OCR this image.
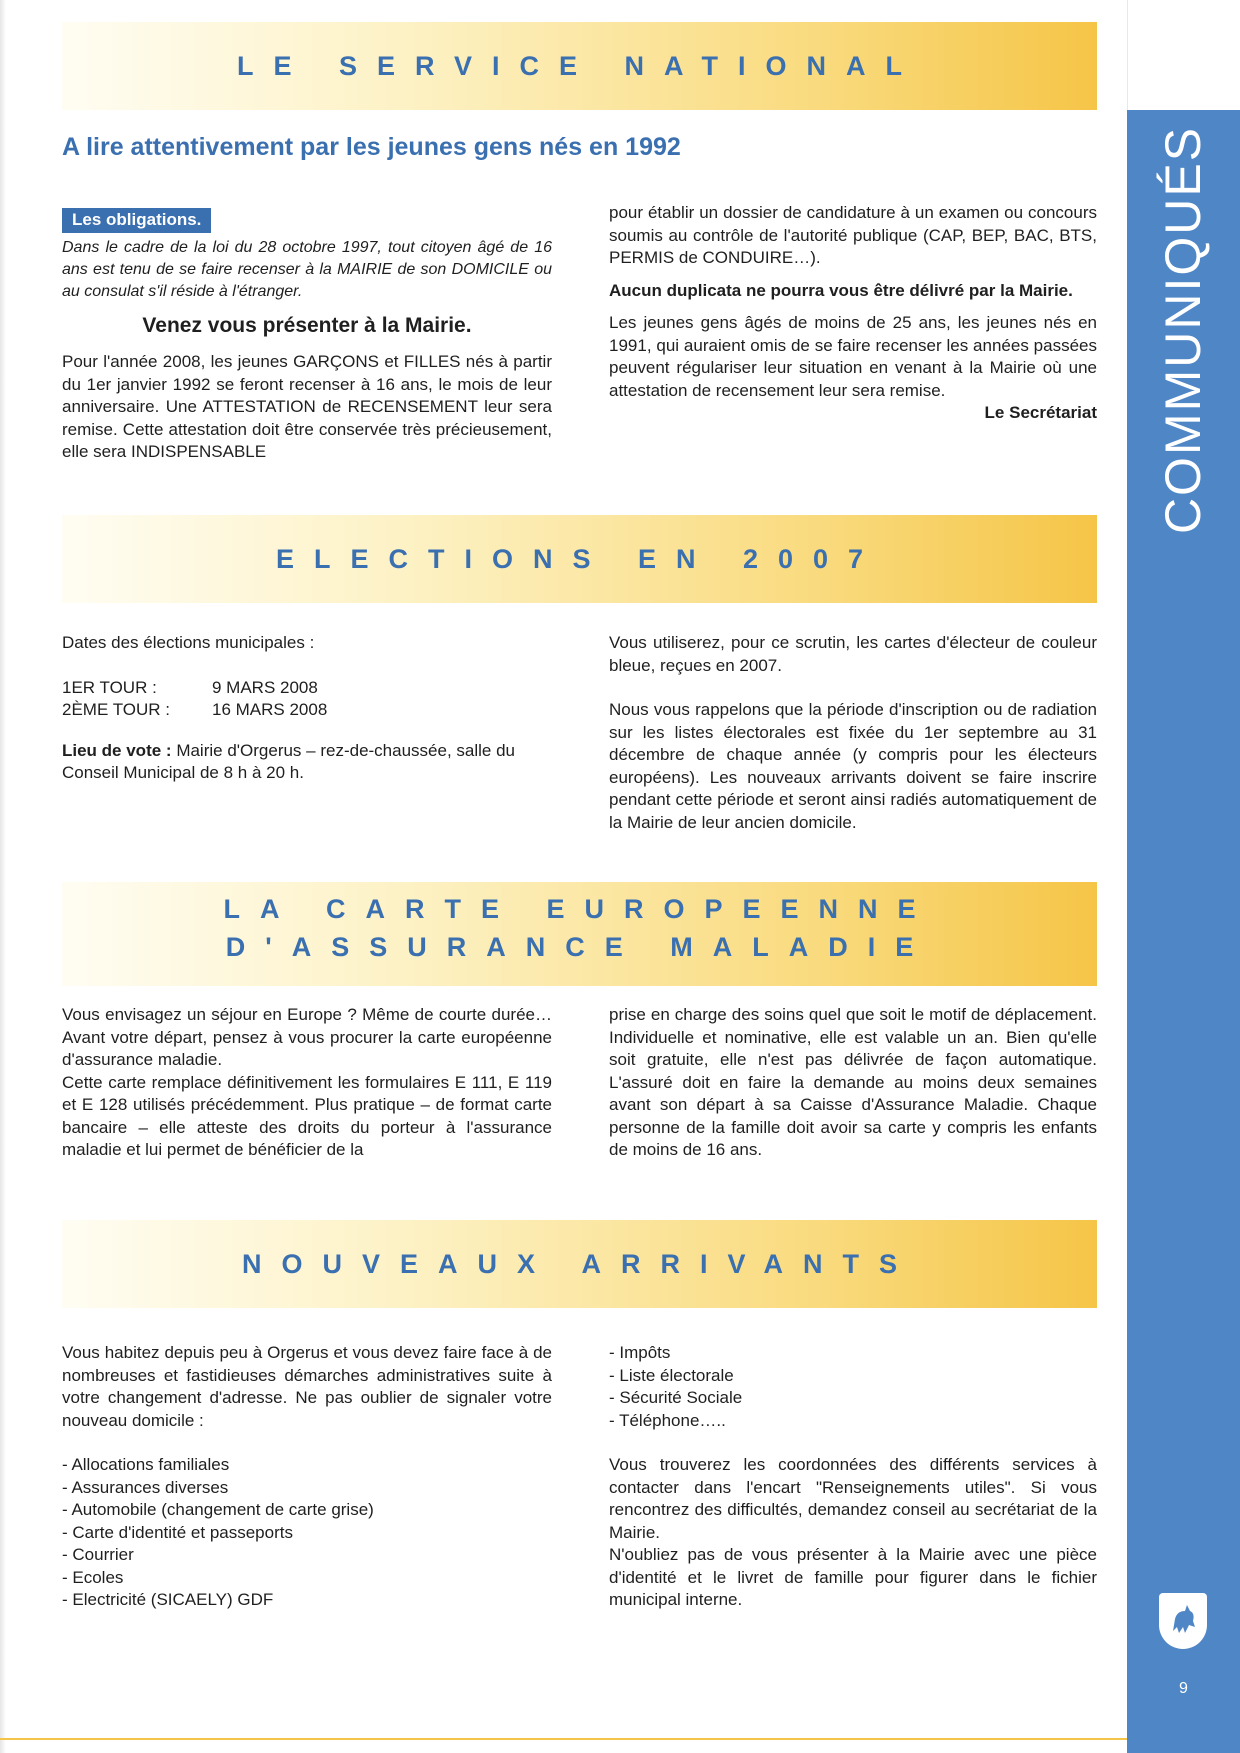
COMMUNIQUÉS
9
LE SERVICE NATIONAL
A lire attentivement par les jeunes gens nés en 1992
Les obligations.

Dans le cadre de la loi du 28 octobre 1997, tout citoyen âgé de 16 ans est tenu de se faire recenser à la MAIRIE de son DOMICILE ou au consulat s'il réside à l'étranger.

Venez vous présenter à la Mairie.

Pour l'année 2008, les jeunes GARÇONS et FILLES nés à partir du 1er janvier 1992 se feront recenser à 16 ans, le mois de leur anniversaire. Une ATTESTATION de RECENSEMENT leur sera remise. Cette attestation doit être conservée très précieusement, elle sera INDISPENSABLE

pour établir un dossier de candidature à un examen ou concours soumis au contrôle de l'autorité publique (CAP, BEP, BAC, BTS, PERMIS de CONDUIRE…).

Aucun duplicata ne pourra vous être délivré par la Mairie.

Les jeunes gens âgés de moins de 25 ans, les jeunes nés en 1991, qui auraient omis de se faire recenser les années passées peuvent régulariser leur situation en venant à la Mairie où une attestation de recensement leur sera remise.

Le Secrétariat

ELECTIONS EN 2007

Dates des élections municipales :

1ER TOUR :	9 MARS 2008
2ÈME TOUR :	16 MARS 2008

Lieu de vote : Mairie d'Orgerus – rez-de-chaussée, salle du Conseil Municipal de 8 h à 20 h.

Vous utiliserez, pour ce scrutin, les cartes d'électeur de couleur bleue, reçues en 2007.

Nous vous rappelons que la période d'inscription ou de radiation sur les listes électorales est fixée du 1er septembre au 31 décembre de chaque année (y compris pour les électeurs européens). Les nouveaux arrivants doivent se faire inscrire pendant cette période et seront ainsi radiés automatiquement de la Mairie de leur ancien domicile.

LA CARTE EUROPEENNE
D'ASSURANCE MALADIE

Vous envisagez un séjour en Europe ? Même de courte durée… Avant votre départ, pensez à vous procurer la carte européenne d'assurance maladie.

Cette carte remplace définitivement les formulaires E 111, E 119 et E 128 utilisés précédemment. Plus pratique – de format carte bancaire – elle atteste des droits du porteur à l'assurance maladie et lui permet de bénéficier de la

prise en charge des soins quel que soit le motif de déplacement. Individuelle et nominative, elle est valable un an. Bien qu'elle soit gratuite, elle n'est pas délivrée de façon automatique. L'assuré doit en faire la demande au moins deux semaines avant son départ à sa Caisse d'Assurance Maladie. Chaque personne de la famille doit avoir sa carte y compris les enfants de moins de 16 ans.

NOUVEAUX ARRIVANTS

Vous habitez depuis peu à Orgerus et vous devez faire face à de nombreuses et fastidieuses démarches administratives suite à votre changement d'adresse. Ne pas oublier de signaler votre nouveau domicile :

- Allocations familiales
- Assurances diverses
- Automobile (changement de carte grise)
- Carte d'identité et passeports
- Courrier
- Ecoles
- Electricité (SICAELY) GDF
- Impôts
- Liste électorale
- Sécurité Sociale
- Téléphone…..

Vous trouverez les coordonnées des différents services à contacter dans l'encart "Renseignements utiles". Si vous rencontrez des difficultés, demandez conseil au secrétariat de la Mairie.

N'oubliez pas de vous présenter à la Mairie avec une pièce d'identité et le livret de famille pour figurer dans le fichier municipal interne.
